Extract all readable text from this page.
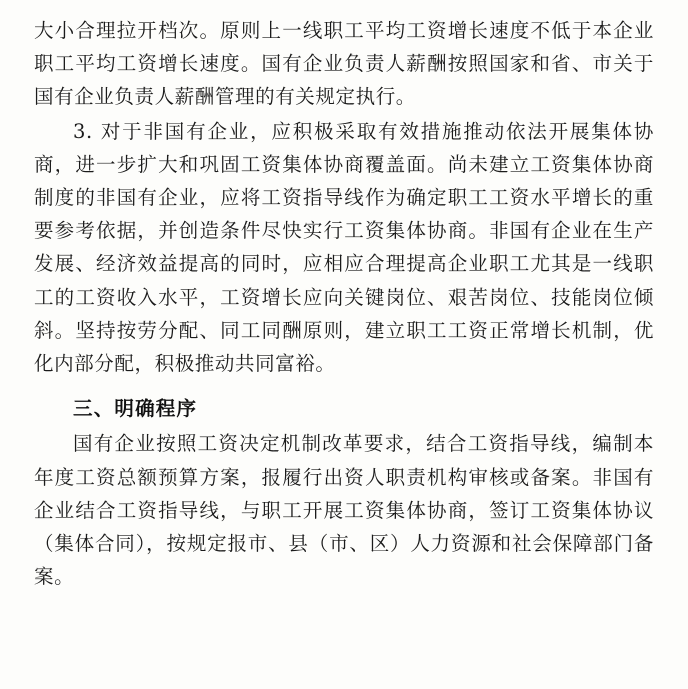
大小合理拉开档次。原则上一线职工平均工资增长速度不低于本企业职工平均工资增长速度。国有企业负责人薪酬按照国家和省、市关于国有企业负责人薪酬管理的有关规定执行。

3. 对于非国有企业，应积极采取有效措施推动依法开展集体协商，进一步扩大和巩固工资集体协商覆盖面。尚未建立工资集体协商制度的非国有企业，应将工资指导线作为确定职工工资水平增长的重要参考依据，并创造条件尽快实行工资集体协商。非国有企业在生产发展、经济效益提高的同时，应相应合理提高企业职工尤其是一线职工的工资收入水平，工资增长应向关键岗位、艰苦岗位、技能岗位倾斜。坚持按劳分配、同工同酬原则，建立职工工资正常增长机制，优化内部分配，积极推动共同富裕。

三、明确程序

国有企业按照工资决定机制改革要求，结合工资指导线，编制本年度工资总额预算方案，报履行出资人职责机构审核或备案。非国有企业结合工资指导线，与职工开展工资集体协商，签订工资集体协议（集体合同），按规定报市、县（市、区）人力资源和社会保障部门备案。
